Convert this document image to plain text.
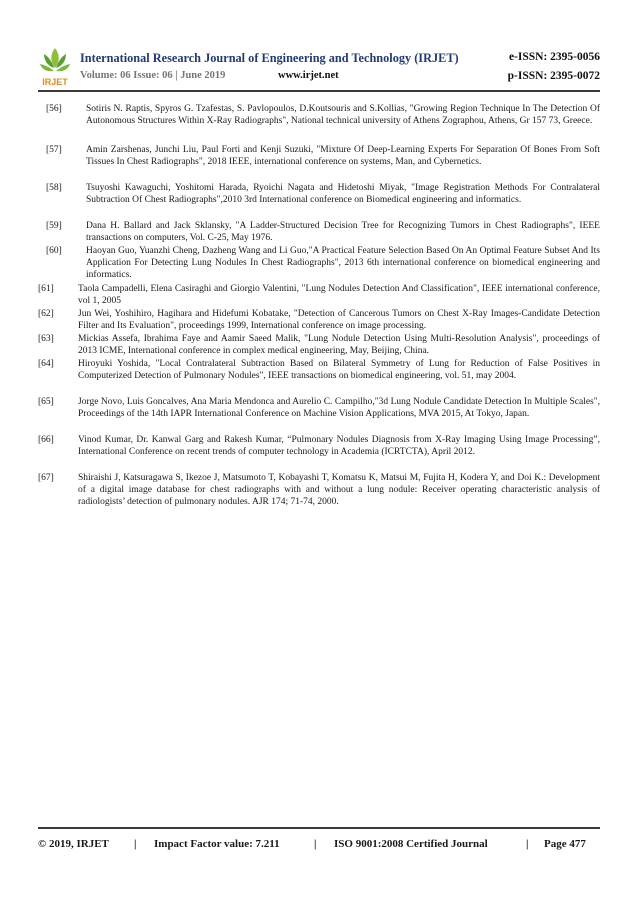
IRJET
International Research Journal of Engineering and Technology (IRJET)	e-ISSN: 2395-0056
Volume: 06 Issue: 06 | June 2019	www.irjet.net	p-ISSN: 2395-0072
[56]	Sotiris N. Raptis, Spyros G. Tzafestas, S. Pavlopoulos, D.Koutsouris and S.Kollias, "Growing Region Technique In The Detection Of Autonomous Structures Within X-Ray Radiographs", National technical university of Athens Zographou, Athens, Gr 157 73, Greece.
[57]	Amin Zarshenas, Junchi Liu, Paul Forti and Kenji Suzuki, "Mixture Of Deep-Learning Experts For Separation Of Bones From Soft Tissues In Chest Radiographs", 2018 IEEE, international conference on systems, Man, and Cybernetics.
[58]	Tsuyoshi Kawaguchi, Yoshitomi Harada, Ryoichi Nagata and Hidetoshi Miyak, "Image Registration Methods For Contralateral Subtraction Of Chest Radiographs",2010 3rd International conference on Biomedical engineering and informatics.
[59]	Dana H. Ballard and Jack Sklansky, "A Ladder-Structured Decision Tree for Recognizing Tumors in Chest Radiographs", IEEE transactions on computers, Vol. C-25, May 1976.
[60]	Haoyan Guo, Yuanzhi Cheng, Dazheng Wang and Li Guo,"A Practical Feature Selection Based On An Optimal Feature Subset And Its Application For Detecting Lung Nodules In Chest Radiographs", 2013 6th international conference on biomedical engineering and informatics.
[61]	Taola Campadelli, Elena Casiraghi and Giorgio Valentini, "Lung Nodules Detection And Classification", IEEE international conference, vol 1, 2005
[62]	Jun Wei, Yoshihiro, Hagihara and Hidefumi Kobatake, "Detection of Cancerous Tumors on Chest X-Ray Images-Candidate Detection Filter and Its Evaluation", proceedings 1999, International conference on image processing.
[63]	Mickias Assefa, Ibrahima Faye and Aamir Saeed Malik, "Lung Nodule Detection Using Multi-Resolution Analysis", proceedings of 2013 ICME, International conference in complex medical engineering, May, Beijing, China.
[64]	Hiroyuki Yoshida, "Local Contralateral Subtraction Based on Bilateral Symmetry of Lung for Reduction of False Positives in Computerized Detection of Pulmonary Nodules", IEEE transactions on biomedical engineering, vol. 51, may 2004.
[65]	Jorge Novo, Luis Goncalves, Ana Maria Mendonca and Aurelio C. Campilho,"3d Lung Nodule Candidate Detection In Multiple Scales", Proceedings of the 14th IAPR International Conference on Machine Vision Applications, MVA 2015, At Tokyo, Japan.
[66]	Vinod Kumar, Dr. Kanwal Garg and Rakesh Kumar, “Pulmonary Nodules Diagnosis from X-Ray Imaging Using Image Processing”, International Conference on recent trends of computer technology in Academia (ICRTCTA), April 2012.
[67]	Shiraishi J, Katsuragawa S, Ikezoe J, Matsumoto T, Kobayashi T, Komatsu K, Matsui M, Fujita H, Kodera Y, and Doi K.: Development of a digital image database for chest radiographs with and without a lung nodule: Receiver operating characteristic analysis of radiologists’ detection of pulmonary nodules. AJR 174; 71-74, 2000.
© 2019, IRJET | Impact Factor value: 7.211	| ISO 9001:2008 Certified Journal	| Page 477
